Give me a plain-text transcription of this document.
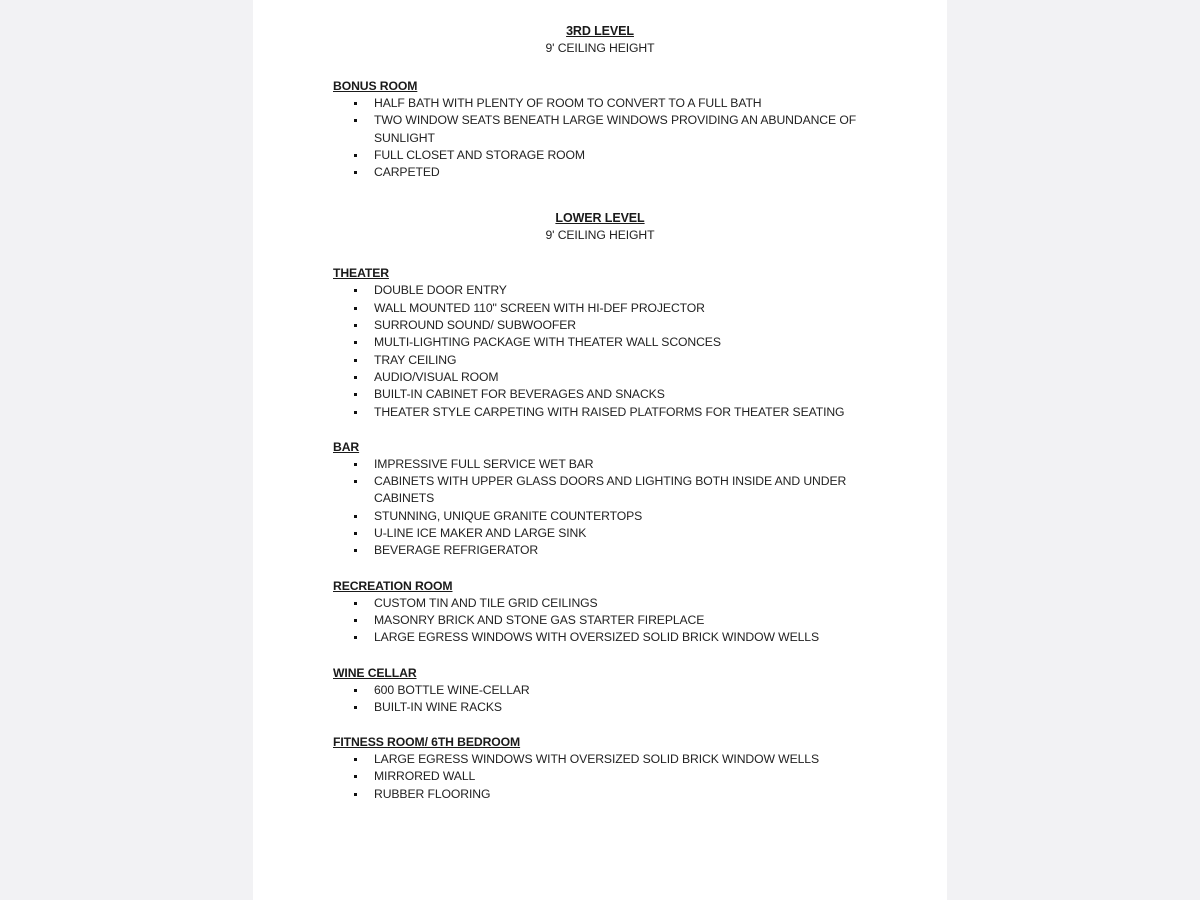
3RD LEVEL
9' CEILING HEIGHT
BONUS ROOM
HALF BATH WITH PLENTY OF ROOM TO CONVERT TO A FULL BATH
TWO WINDOW SEATS BENEATH LARGE WINDOWS PROVIDING AN ABUNDANCE OF SUNLIGHT
FULL CLOSET AND STORAGE ROOM
CARPETED
LOWER LEVEL
9' CEILING HEIGHT
THEATER
DOUBLE DOOR ENTRY
WALL MOUNTED 110" SCREEN WITH HI-DEF PROJECTOR
SURROUND SOUND/ SUBWOOFER
MULTI-LIGHTING PACKAGE WITH THEATER WALL SCONCES
TRAY CEILING
AUDIO/VISUAL ROOM
BUILT-IN CABINET FOR BEVERAGES AND SNACKS
THEATER STYLE CARPETING WITH RAISED PLATFORMS FOR THEATER SEATING
BAR
IMPRESSIVE FULL SERVICE WET BAR
CABINETS WITH UPPER GLASS DOORS AND LIGHTING BOTH INSIDE AND UNDER CABINETS
STUNNING, UNIQUE GRANITE COUNTERTOPS
U-LINE ICE MAKER AND LARGE SINK
BEVERAGE REFRIGERATOR
RECREATION ROOM
CUSTOM TIN AND TILE GRID CEILINGS
MASONRY BRICK AND STONE GAS STARTER FIREPLACE
LARGE EGRESS WINDOWS WITH OVERSIZED SOLID BRICK WINDOW WELLS
WINE CELLAR
600 BOTTLE WINE-CELLAR
BUILT-IN WINE RACKS
FITNESS ROOM/ 6TH BEDROOM
LARGE EGRESS WINDOWS WITH OVERSIZED SOLID BRICK WINDOW WELLS
MIRRORED WALL
RUBBER FLOORING
